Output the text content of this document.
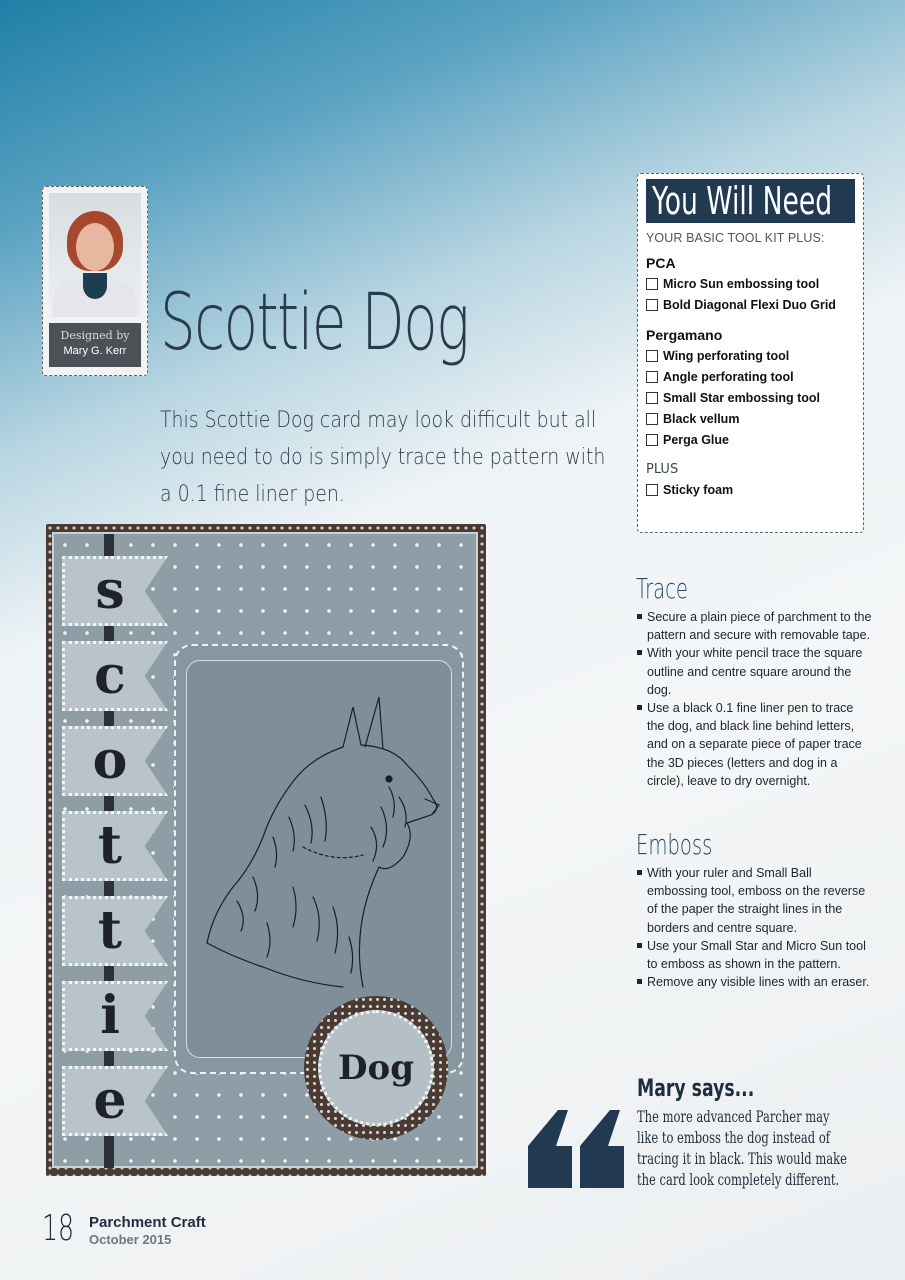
Designed by
Mary G. Kerr Scottie Dog
This Scottie Dog card may look difficult but all you need to do is simply trace the pattern with a 0.1 fine liner pen.
You Will Need
YOUR BASIC TOOL KIT PLUS:
PCA
Micro Sun embossing tool
Bold Diagonal Flexi Duo Grid
Pergamano
Wing perforating tool
Angle perforating tool
Small Star embossing tool
Black vellum
Perga Glue
PLUS
Sticky foam
s
c
o
t
t
i
e
Dog
Trace
Secure a plain piece of parchment to the pattern and secure with removable tape.
With your white pencil trace the square outline and centre square around the dog.
Use a black 0.1 fine liner pen to trace the dog, and black line behind letters, and on a separate piece of paper trace the 3D pieces (letters and dog in a circle), leave to dry overnight.
Emboss
With your ruler and Small Ball embossing tool, emboss on the reverse of the paper the straight lines in the borders and centre square.
Use your Small Star and Micro Sun tool to emboss as shown in the pattern.
Remove any visible lines with an eraser.
Mary says...
The more advanced Parcher may like to emboss the dog instead of tracing it in black. This would make the card look completely different.
18 Parchment Craft
October 2015
